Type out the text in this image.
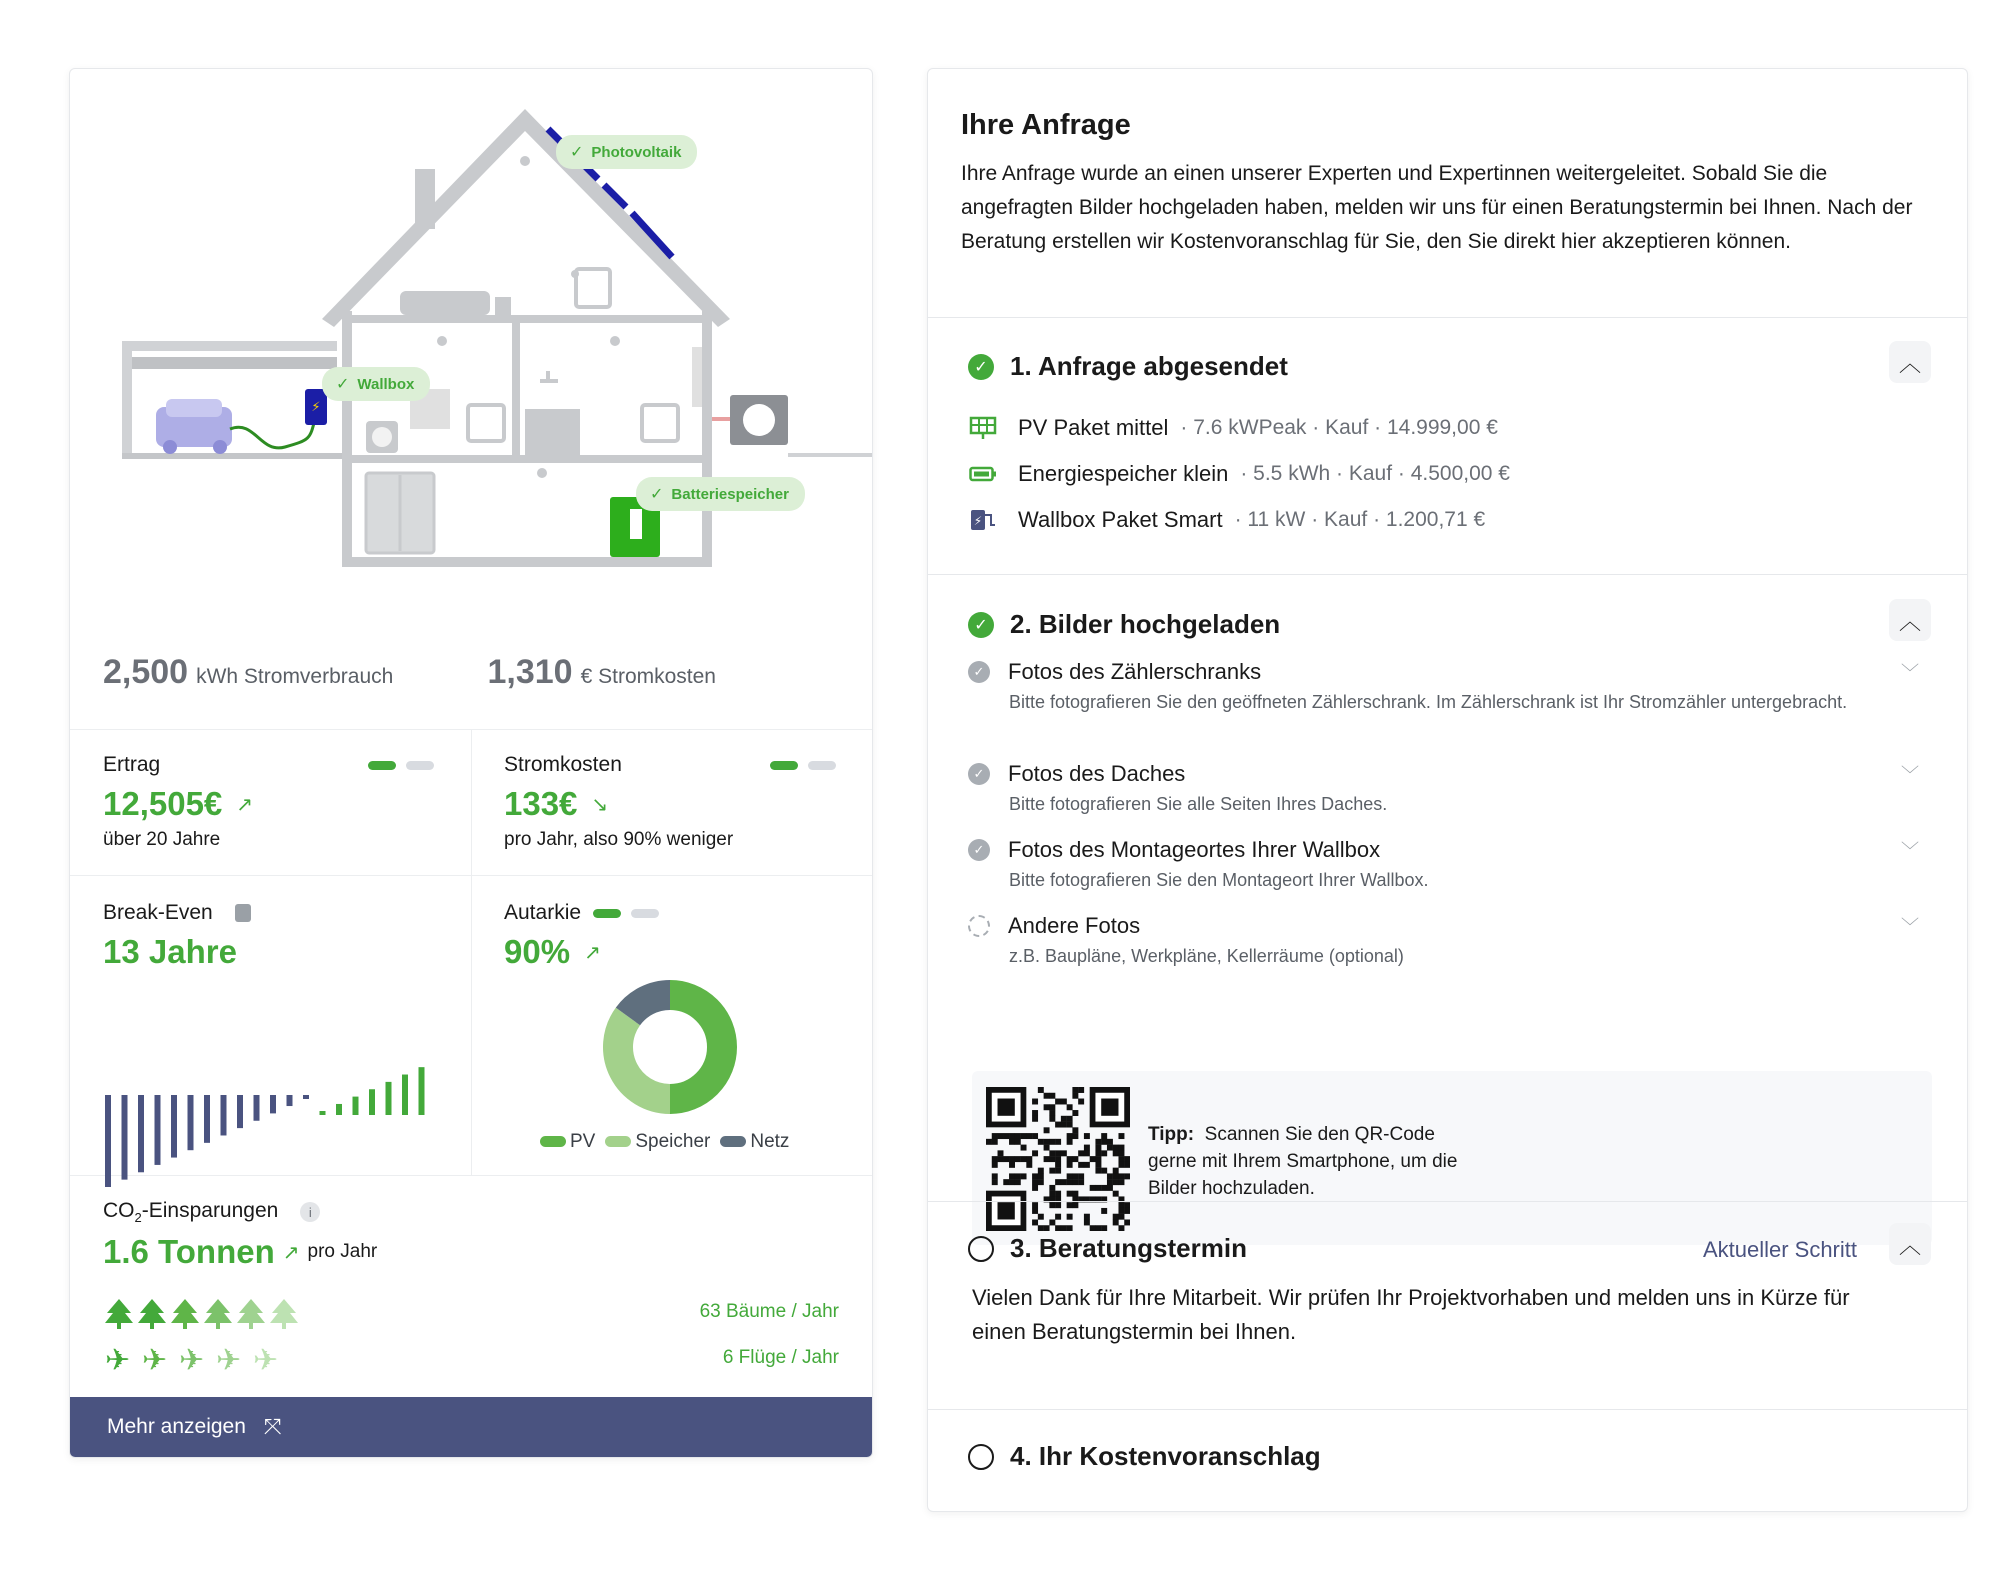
⚡
✓ Photovoltaik
✓ Wallbox
✓ Batteriespeicher
2,500 kWh Stromverbrauch	1,310 € Stromkosten
Ertrag
12,505€ ↗
über 20 Jahre
Stromkosten
133€ ↘
pro Jahr, also 90% weniger
Break-Even
13 Jahre
Autarkie
90% ↗
PV	Speicher	Netz
$CO_2$-Einsparungen	i
1.6 Tonnen ↗ pro Jahr
✈ ✈ ✈ ✈ ✈
63 Bäume / Jahr
6 Flüge / Jahr
Mehr anzeigen ⤧
Ihre Anfrage
Ihre Anfrage wurde an einen unserer Experten und Expertinnen weitergeleitet. Sobald Sie die angefragten Bilder hochgeladen haben, melden wir uns für einen Beratungstermin bei Ihnen. Nach der Beratung erstellen wir Kostenvoranschlag für Sie, den Sie direkt hier akzeptieren können.
✓ 1. Anfrage abgesendet	︿
PV Paket mittel · 7.6 kWPeak · Kauf · 14.999,00 €
Energiespeicher klein · 5.5 kWh · Kauf · 4.500,00 €
⚡ Wallbox Paket Smart · 11 kW · Kauf · 1.200,71 €
✓ 2. Bilder hochgeladen	︿
✓ Fotos des Zählerschranks
Bitte fotografieren Sie den geöffneten Zählerschrank. Im Zählerschrank ist Ihr Stromzähler untergebracht.
﹀
✓ Fotos des Daches
Bitte fotografieren Sie alle Seiten Ihres Daches.
﹀
✓ Fotos des Montageortes Ihrer Wallbox
Bitte fotografieren Sie den Montageort Ihrer Wallbox.
﹀
Andere Fotos
z.B. Baupläne, Werkpläne, Kellerräume (optional)
﹀
Tipp: Scannen Sie den QR-Code gerne mit Ihrem Smartphone, um die Bilder hochzuladen.
3. Beratungstermin	Aktueller Schritt ︿
Vielen Dank für Ihre Mitarbeit. Wir prüfen Ihr Projektvorhaben und melden uns in Kürze für einen Beratungstermin bei Ihnen.
4. Ihr Kostenvoranschlag
